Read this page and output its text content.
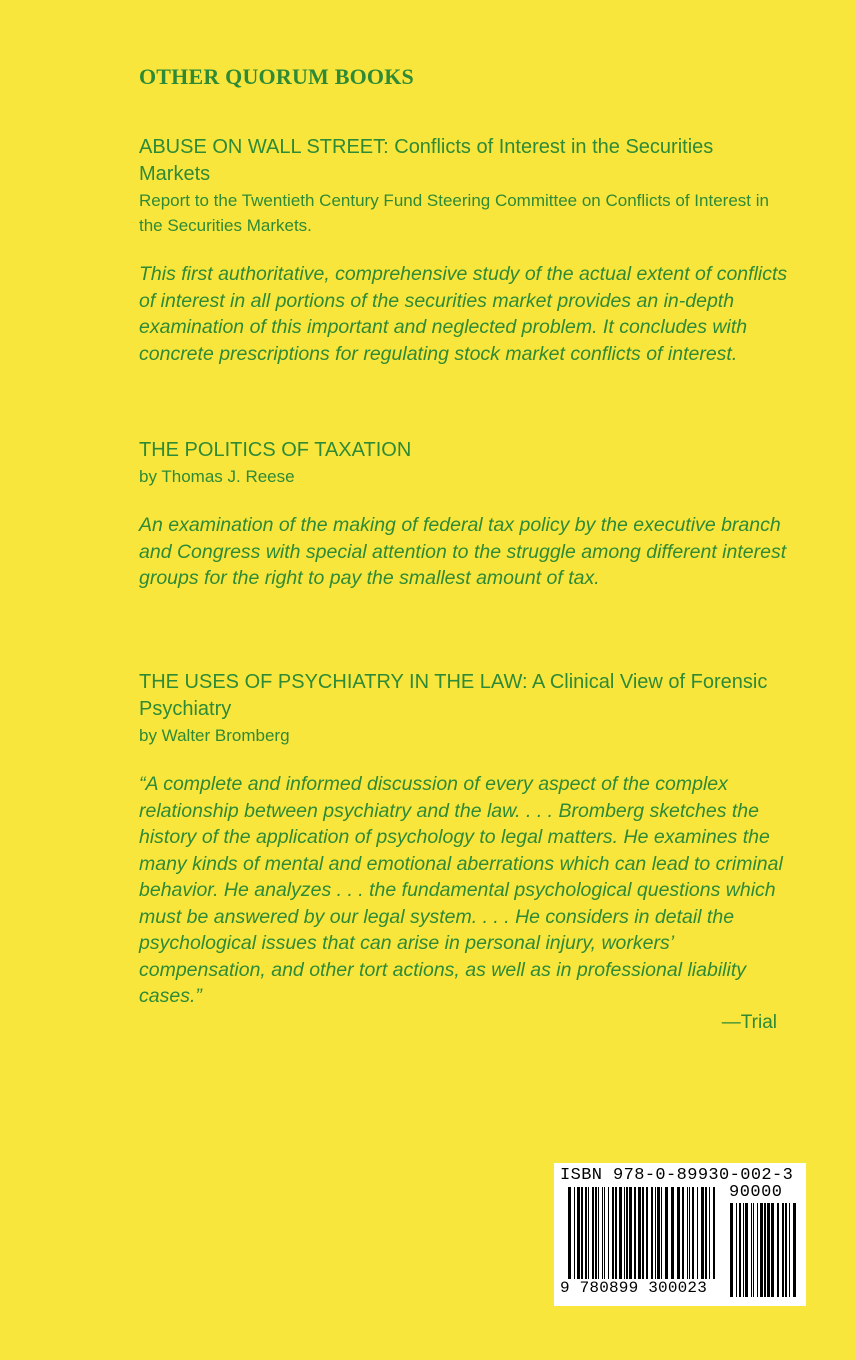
OTHER QUORUM BOOKS
ABUSE ON WALL STREET: Conflicts of Interest in the Securities Markets
Report to the Twentieth Century Fund Steering Committee on Conflicts of Interest in the Securities Markets.
This first authoritative, comprehensive study of the actual extent of conflicts of interest in all portions of the securities market provides an in-depth examination of this important and neglected problem. It concludes with concrete prescriptions for regulating stock market conflicts of interest.
THE POLITICS OF TAXATION
by Thomas J. Reese
An examination of the making of federal tax policy by the executive branch and Congress with special attention to the struggle among different interest groups for the right to pay the smallest amount of tax.
THE USES OF PSYCHIATRY IN THE LAW: A Clinical View of Forensic Psychiatry
by Walter Bromberg
“A complete and informed discussion of every aspect of the complex relationship between psychiatry and the law. . . . Bromberg sketches the history of the application of psychology to legal matters. He examines the many kinds of mental and emotional aberrations which can lead to criminal behavior. He analyzes . . . the fundamental psychological questions which must be answered by our legal system. . . . He considers in detail the psychological issues that can arise in personal injury, workers’ compensation, and other tort actions, as well as in professional liability cases.”
—Trial
ISBN 978-0-89930-002-3
90000
9 780899 300023
